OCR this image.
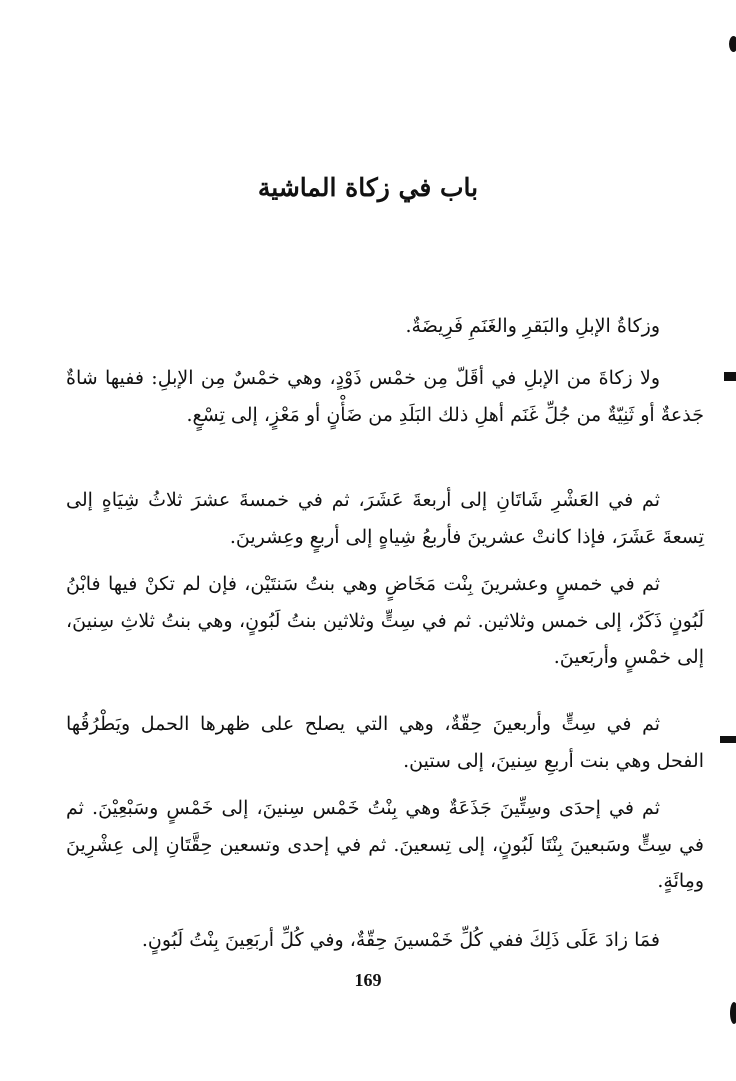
باب في زكاة الماشية

وزكاةُ الإبلِ والبَقرِ والغَنَمِ فَرِيضَةٌ.

ولا زكاةَ من الإبلِ في أقَلّ مِن خمْس ذَوْدٍ، وهي خمْسٌ مِن الإبلِ: ففيها شاةٌ جَذعةٌ أو ثَنِيّةٌ من جُلِّ غَنَم أهلِ ذلك البَلَدِ من ضَأْنٍ أو مَعْزٍ، إلى تِسْعٍ.

ثم في العَشْرِ شَاتَانِ إلى أربعةَ عَشَرَ، ثم في خمسةَ عشرَ ثلاثُ شِيَاهٍ إلى تِسعةَ عَشَرَ، فإذا كانتْ عشرينَ فأربعُ شِياهٍ إلى أربعٍ وعِشرينَ.

ثم في خمسٍ وعشرينَ بِنْت مَخَاضٍ وهي بنتُ سَنتَيْن، فإن لم تكنْ فيها فابْنُ لَبُونٍ ذَكَرٌ، إلى خمس وثلاثين. ثم في سِتٍّ وثلاثين بنتُ لَبُونٍ، وهي بنتُ ثلاثِ سِنينَ، إلى خمْسٍ وأربَعينَ.

ثم في سِتٍّ وأربعينَ حِقّةٌ، وهي التي يصلح على ظهرها الحمل ويَطْرُقُها الفحل وهي بنت أربعِ سِنينَ، إلى ستين.

ثم في إحدَى وسِتِّينَ جَذَعَةٌ وهي بِنْتُ خَمْس سِنينَ، إلى خَمْسٍ وسَبْعِيْنَ. ثم في سِتٍّ وسَبعينَ بِنْتَا لَبُونٍ، إلى تِسعينَ. ثم في إحدى وتسعين حِقَّتَانِ إلى عِشْرِينَ ومِائَةٍ.

فمَا زادَ عَلَى ذَلِكَ ففي كُلِّ خَمْسينَ حِقّةٌ، وفي كُلِّ أربَعِينَ بِنْتُ لَبُونٍ.

169
